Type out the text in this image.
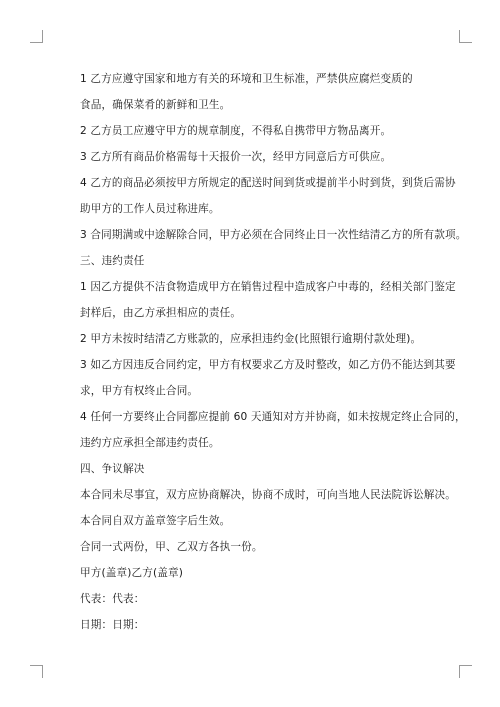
1 乙方应遵守国家和地方有关的环境和卫生标准，严禁供应腐烂变质的

食品，确保菜肴的新鲜和卫生。

2 乙方员工应遵守甲方的规章制度，不得私自携带甲方物品离开。

3 乙方所有商品价格需每十天报价一次，经甲方同意后方可供应。

4 乙方的商品必须按甲方所规定的配送时间到货或提前半小时到货，到货后需协

助甲方的工作人员过称进库。

3 合同期满或中途解除合同，甲方必须在合同终止日一次性结清乙方的所有款项。

三、违约责任

1 因乙方提供不洁食物造成甲方在销售过程中造成客户中毒的，经相关部门鉴定

封样后，由乙方承担相应的责任。

2 甲方未按时结清乙方账款的，应承担违约金(比照银行逾期付款处理)。

3 如乙方因违反合同约定，甲方有权要求乙方及时整改，如乙方仍不能达到其要

求，甲方有权终止合同。

4 任何一方要终止合同都应提前 60 天通知对方并协商，如未按规定终止合同的，

违约方应承担全部违约责任。

四、争议解决

本合同未尽事宜，双方应协商解决，协商不成时，可向当地人民法院诉讼解决。

本合同自双方盖章签字后生效。

合同一式两份，甲、乙双方各执一份。

甲方(盖章)乙方(盖章)

代表：代表：

日期：日期：
